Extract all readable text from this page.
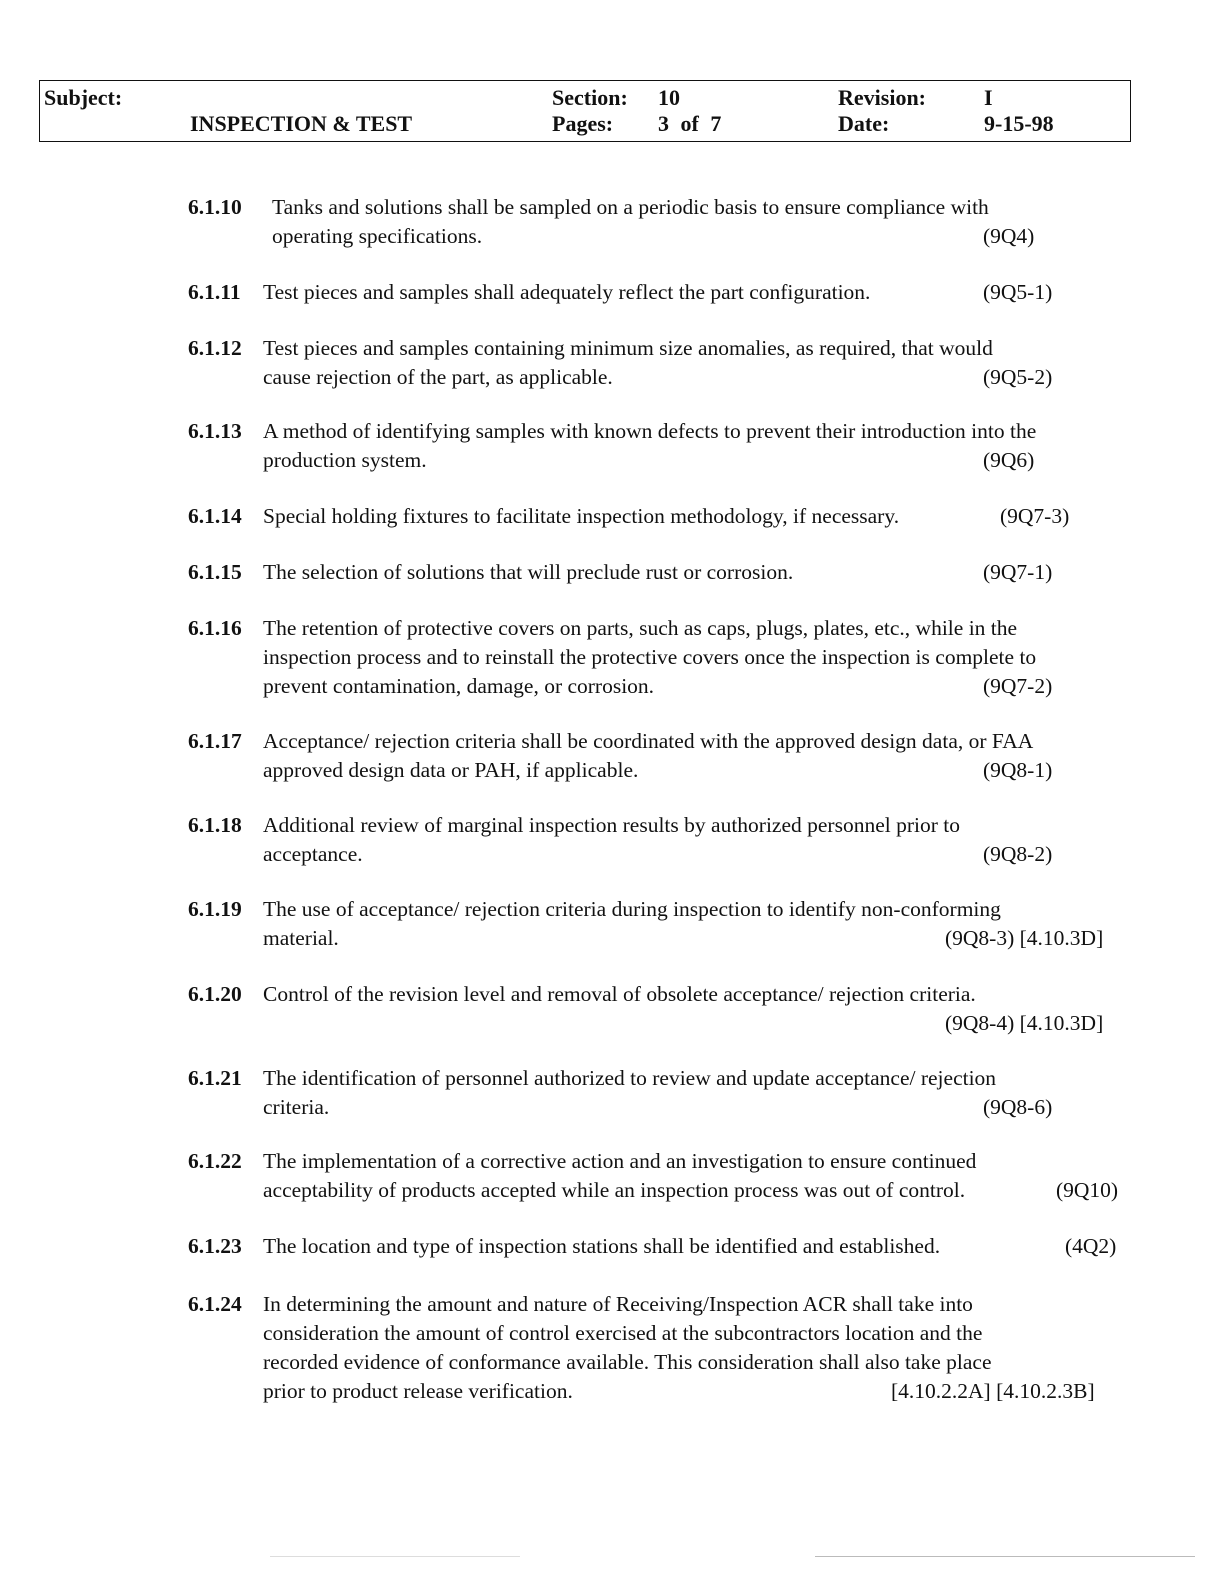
Subject:
INSPECTION & TEST
Section: 10
Pages: 3 of 7
Revision:	I
Date:	9-15-98
6.1.10 Tanks and solutions shall be sampled on a periodic basis to ensure compliance with
operating specifications.	(9Q4)
6.1.11 Test pieces and samples shall adequately reflect the part configuration.	(9Q5-1)
6.1.12 Test pieces and samples containing minimum size anomalies, as required, that would
cause rejection of the part, as applicable.	(9Q5-2)
6.1.13 A method of identifying samples with known defects to prevent their introduction into the
production system.	(9Q6)
6.1.14 Special holding fixtures to facilitate inspection methodology, if necessary.	(9Q7-3)
6.1.15 The selection of solutions that will preclude rust or corrosion.	(9Q7-1)
6.1.16 The retention of protective covers on parts, such as caps, plugs, plates, etc., while in the
inspection process and to reinstall the protective covers once the inspection is complete to
prevent contamination, damage, or corrosion.	(9Q7-2)
6.1.17 Acceptance/ rejection criteria shall be coordinated with the approved design data, or FAA
approved design data or PAH, if applicable.	(9Q8-1)
6.1.18 Additional review of marginal inspection results by authorized personnel prior to
acceptance.	(9Q8-2)
6.1.19 The use of acceptance/ rejection criteria during inspection to identify non-conforming
material.	(9Q8-3) [4.10.3D]
6.1.20 Control of the revision level and removal of obsolete acceptance/ rejection criteria.
(9Q8-4) [4.10.3D]
6.1.21 The identification of personnel authorized to review and update acceptance/ rejection
criteria.	(9Q8-6)
6.1.22 The implementation of a corrective action and an investigation to ensure continued
acceptability of products accepted while an inspection process was out of control.	(9Q10)
6.1.23 The location and type of inspection stations shall be identified and established.	(4Q2)
6.1.24 In determining the amount and nature of Receiving/Inspection ACR shall take into
consideration the amount of control exercised at the subcontractors location and the
recorded evidence of conformance available. This consideration shall also take place
prior to product release verification.	[4.10.2.2A] [4.10.2.3B]
